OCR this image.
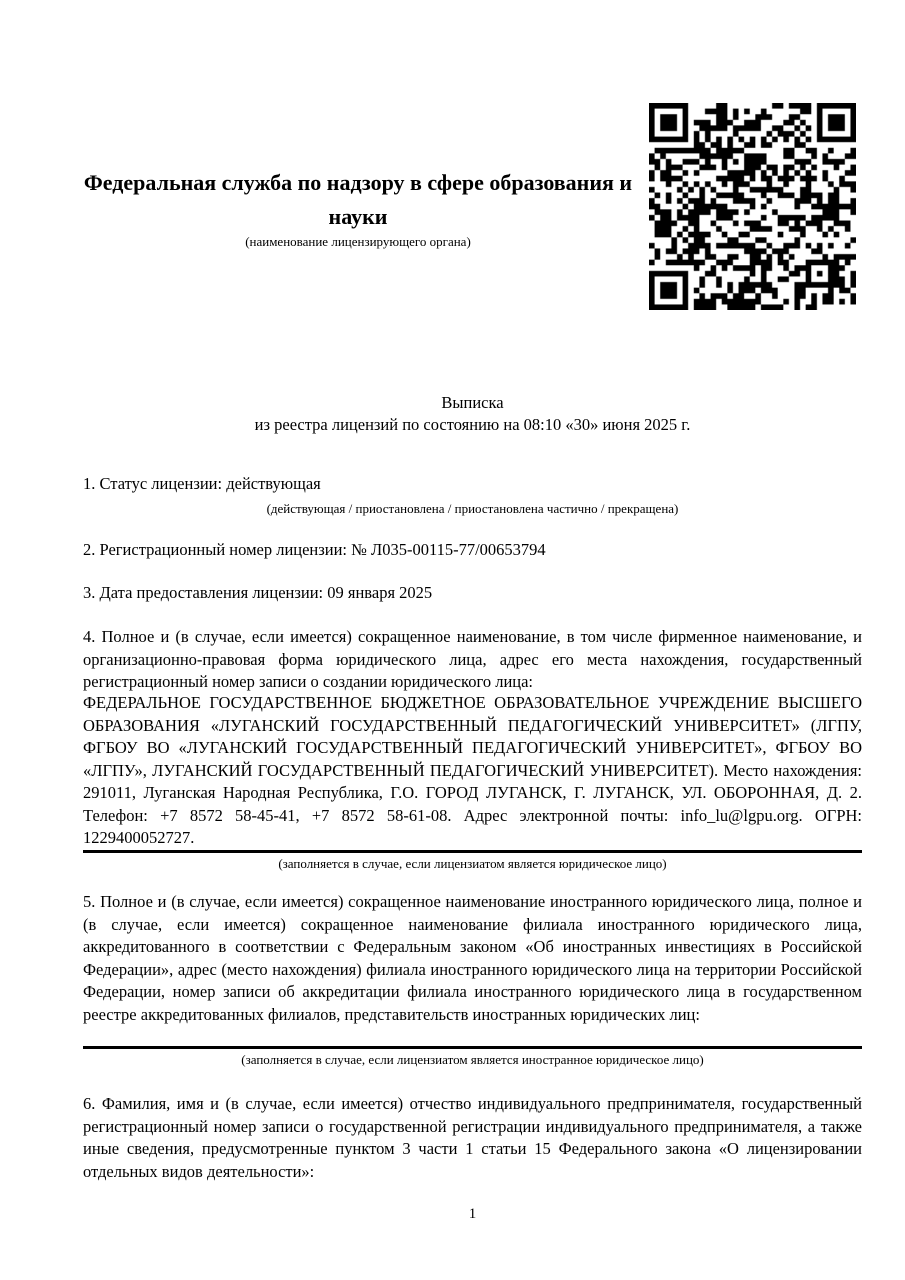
Федеральная служба по надзору в сфере образования и науки
(наименование лицензирующего органа)
Выписка
из реестра лицензий по состоянию на 08:10 «30» июня 2025 г.
1. Статус лицензии: действующая
(действующая / приостановлена / приостановлена частично / прекращена)
2. Регистрационный номер лицензии: № Л035-00115-77/00653794
3. Дата предоставления лицензии: 09 января 2025
4. Полное и (в случае, если имеется) сокращенное наименование, в том числе фирменное наименование, и организационно-правовая форма юридического лица, адрес его места нахождения, государственный регистрационный номер записи о создании юридического лица:
ФЕДЕРАЛЬНОЕ ГОСУДАРСТВЕННОЕ БЮДЖЕТНОЕ ОБРАЗОВАТЕЛЬНОЕ УЧРЕЖДЕНИЕ ВЫСШЕГО ОБРАЗОВАНИЯ «ЛУГАНСКИЙ ГОСУДАРСТВЕННЫЙ ПЕДАГОГИЧЕСКИЙ УНИВЕРСИТЕТ» (ЛГПУ, ФГБОУ ВО «ЛУГАНСКИЙ ГОСУДАРСТВЕННЫЙ ПЕДАГОГИЧЕСКИЙ УНИВЕРСИТЕТ», ФГБОУ ВО «ЛГПУ», ЛУГАНСКИЙ ГОСУДАРСТВЕННЫЙ ПЕДАГОГИЧЕСКИЙ УНИВЕРСИТЕТ). Место нахождения: 291011, Луганская Народная Республика, Г.О. ГОРОД ЛУГАНСК, Г. ЛУГАНСК, УЛ. ОБОРОННАЯ, Д. 2. Телефон: +7 8572 58-45-41, +7 8572 58-61-08. Адрес электронной почты: info_lu@lgpu.org. ОГРН: 1229400052727.
(заполняется в случае, если лицензиатом является юридическое лицо)
5. Полное и (в случае, если имеется) сокращенное наименование иностранного юридического лица, полное и (в случае, если имеется) сокращенное наименование филиала иностранного юридического лица, аккредитованного в соответствии с Федеральным законом «Об иностранных инвестициях в Российской Федерации», адрес (место нахождения) филиала иностранного юридического лица на территории Российской Федерации, номер записи об аккредитации филиала иностранного юридического лица в государственном реестре аккредитованных филиалов, представительств иностранных юридических лиц:
(заполняется в случае, если лицензиатом является иностранное юридическое лицо)
6. Фамилия, имя и (в случае, если имеется) отчество индивидуального предпринимателя, государственный регистрационный номер записи о государственной регистрации индивидуального предпринимателя, а также иные сведения, предусмотренные пунктом 3 части 1 статьи 15 Федерального закона «О лицензировании отдельных видов деятельности»:
1
